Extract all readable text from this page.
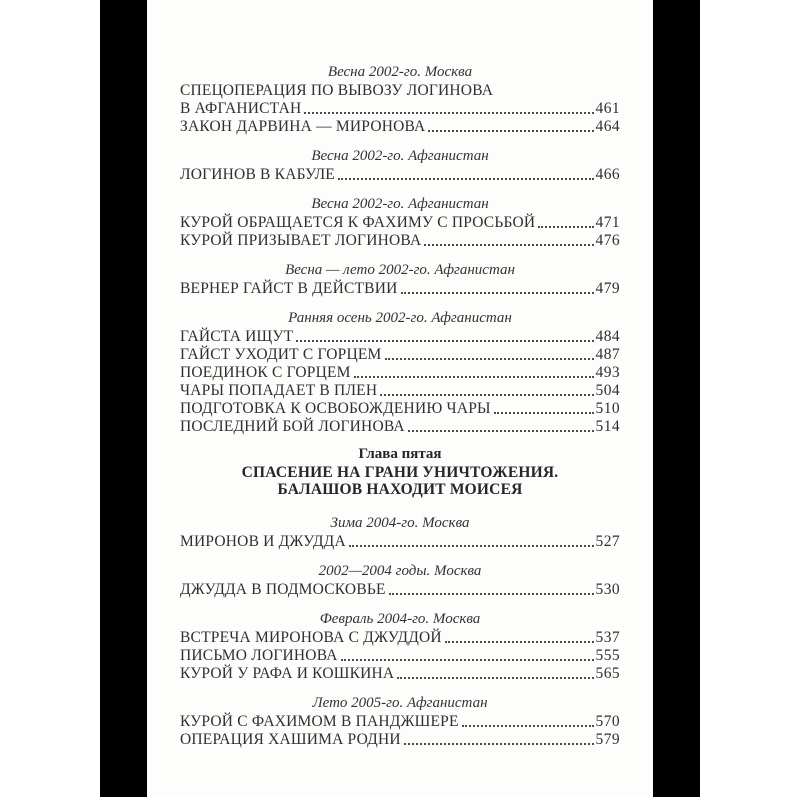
Весна 2002-го. Москва
СПЕЦОПЕРАЦИЯ ПО ВЫВОЗУ ЛОГИНОВА
В АФГАНИСТАН	461
ЗАКОН ДАРВИНА — МИРОНОВА	464
Весна 2002-го. Афганистан
ЛОГИНОВ В КАБУЛЕ	466
Весна 2002-го. Афганистан
КУРОЙ ОБРАЩАЕТСЯ К ФАХИМУ С ПРОСЬБОЙ	471
КУРОЙ ПРИЗЫВАЕТ ЛОГИНОВА	476
Весна — лето 2002-го. Афганистан
ВЕРНЕР ГАЙСТ В ДЕЙСТВИИ	479
Ранняя осень 2002-го. Афганистан
ГАЙСТА ИЩУТ	484
ГАЙСТ УХОДИТ С ГОРЦЕМ	487
ПОЕДИНОК С ГОРЦЕМ	493
ЧАРЫ ПОПАДАЕТ В ПЛЕН	504
ПОДГОТОВКА К ОСВОБОЖДЕНИЮ ЧАРЫ	510
ПОСЛЕДНИЙ БОЙ ЛОГИНОВА	514
Глава пятая
СПАСЕНИЕ НА ГРАНИ УНИЧТОЖЕНИЯ.
БАЛАШОВ НАХОДИТ МОИСЕЯ
Зима 2004-го. Москва
МИРОНОВ И ДЖУДДА	527
2002—2004 годы. Москва
ДЖУДДА В ПОДМОСКОВЬЕ	530
Февраль 2004-го. Москва
ВСТРЕЧА МИРОНОВА С ДЖУДДОЙ	537
ПИСЬМО ЛОГИНОВА	555
КУРОЙ У РАФА И КОШКИНА	565
Лето 2005-го. Афганистан
КУРОЙ С ФАХИМОМ В ПАНДЖШЕРЕ	570
ОПЕРАЦИЯ ХАШИМА РОДНИ	579
